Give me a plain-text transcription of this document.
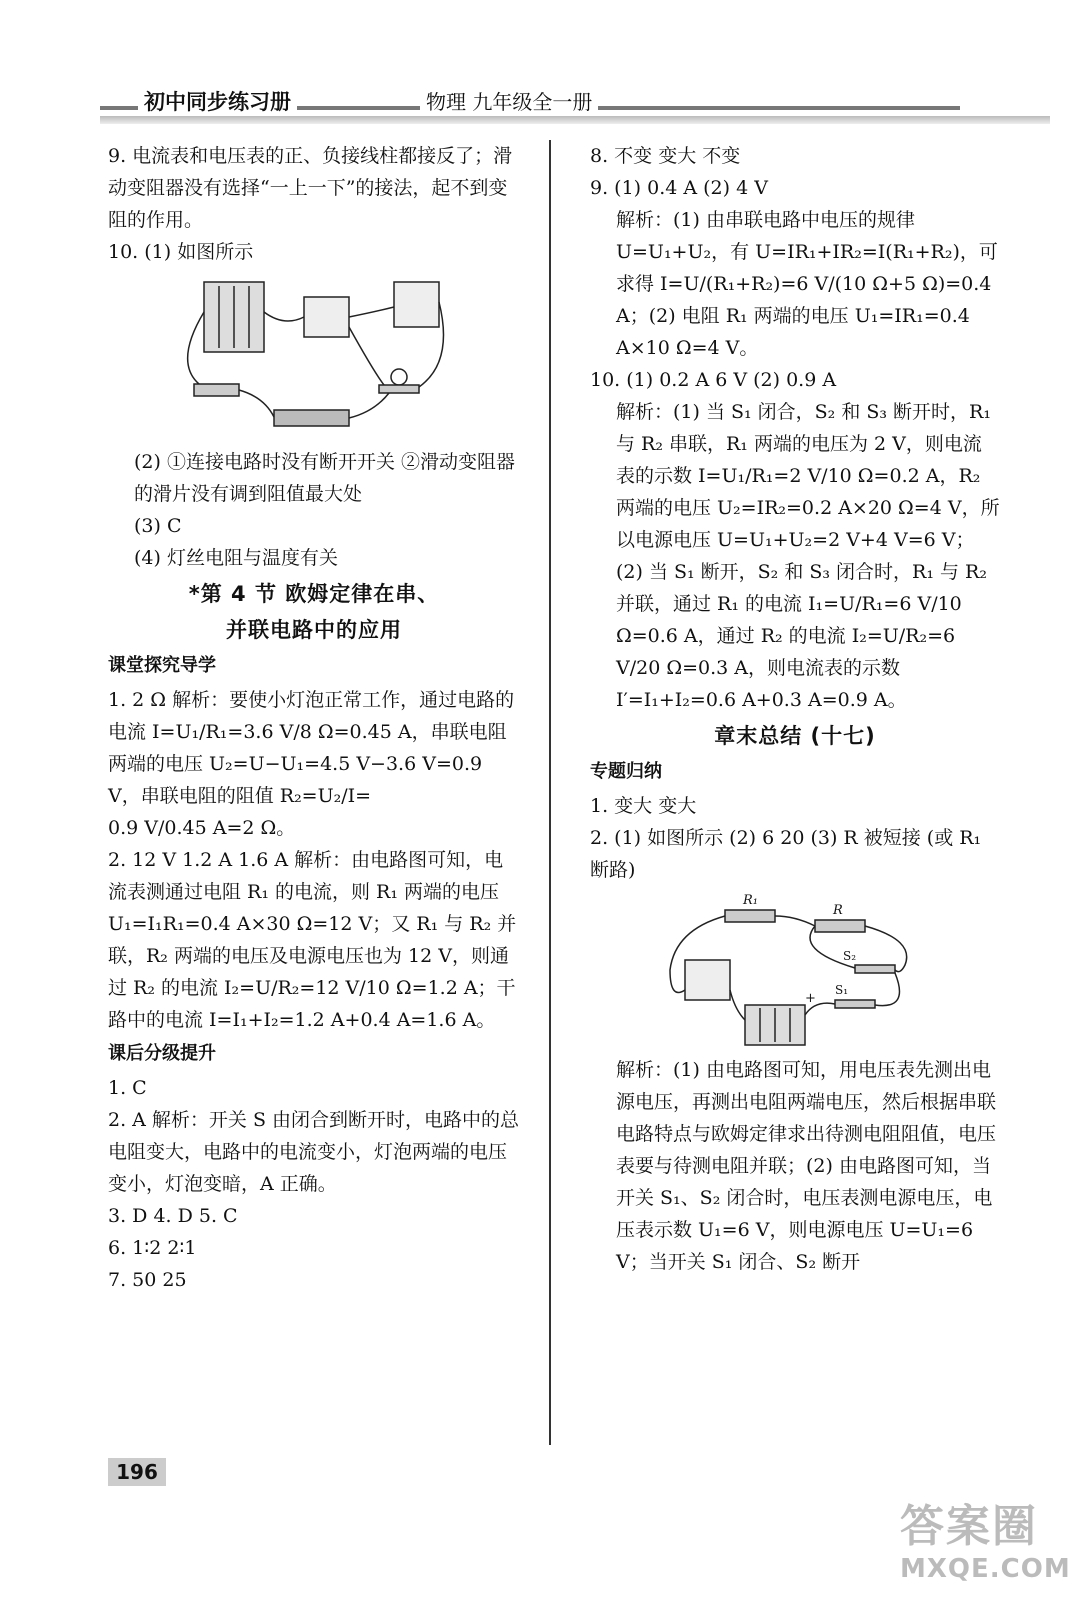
初中同步练习册	物理 九年级全一册

9. 电流表和电压表的正、负接线柱都接反了；滑动变阻器没有选择“一上一下”的接法，起不到变阻的作用。

10. (1) 如图所示

(2) ①连接电路时没有断开开关 ②滑动变阻器的滑片没有调到阻值最大处

(3) C

(4) 灯丝电阻与温度有关

*第 4 节 欧姆定律在串、

并联电路中的应用

课堂探究导学

1. 2 Ω 解析：要使小灯泡正常工作，通过电路的电流 I=U₁/R₁=3.6 V/8 Ω=0.45 A，串联电阻两端的电压 U₂=U−U₁=4.5 V−3.6 V=0.9 V，串联电阻的阻值 R₂=U₂/I=

0.9 V/0.45 A=2 Ω。

2. 12 V 1.2 A 1.6 A 解析：由电路图可知，电流表测通过电阻 R₁ 的电流，则 R₁ 两端的电压 U₁=I₁R₁=0.4 A×30 Ω=12 V；又 R₁ 与 R₂ 并联，R₂ 两端的电压及电源电压也为 12 V，则通过 R₂ 的电流 I₂=U/R₂=12 V/10 Ω=1.2 A；干路中的电流 I=I₁+I₂=1.2 A+0.4 A=1.6 A。

课后分级提升

1. C

2. A 解析：开关 S 由闭合到断开时，电路中的总电阻变大，电路中的电流变小，灯泡两端的电压变小，灯泡变暗，A 正确。

3. D 4. D 5. C

6. 1∶2 2∶1

7. 50 25

8. 不变 变大 不变

9. (1) 0.4 A (2) 4 V

解析：(1) 由串联电路中电压的规律 U=U₁+U₂，有 U=IR₁+IR₂=I(R₁+R₂)，可求得 I=U/(R₁+R₂)=6 V/(10 Ω+5 Ω)=0.4 A；(2) 电阻 R₁ 两端的电压 U₁=IR₁=0.4 A×10 Ω=4 V。

10. (1) 0.2 A 6 V (2) 0.9 A

解析：(1) 当 S₁ 闭合，S₂ 和 S₃ 断开时，R₁ 与 R₂ 串联，R₁ 两端的电压为 2 V，则电流表的示数 I=U₁/R₁=2 V/10 Ω=0.2 A，R₂ 两端的电压 U₂=IR₂=0.2 A×20 Ω=4 V，所以电源电压 U=U₁+U₂=2 V+4 V=6 V；(2) 当 S₁ 断开，S₂ 和 S₃ 闭合时，R₁ 与 R₂ 并联，通过 R₁ 的电流 I₁=U/R₁=6 V/10 Ω=0.6 A，通过 R₂ 的电流 I₂=U/R₂=6 V/20 Ω=0.3 A，则电流表的示数 I′=I₁+I₂=0.6 A+0.3 A=0.9 A。

章末总结 (十七)

专题归纳

1. 变大 变大

2. (1) 如图所示 (2) 6 20 (3) R 被短接 (或 R₁ 断路)

R₁
R
S₂
S₁
+

解析：(1) 由电路图可知，用电压表先测出电源电压，再测出电阻两端电压，然后根据串联电路特点与欧姆定律求出待测电阻阻值，电压表要与待测电阻并联；(2) 由电路图可知，当开关 S₁、S₂ 闭合时，电压表测电源电压，电压表示数 U₁=6 V，则电源电压 U=U₁=6 V；当开关 S₁ 闭合、S₂ 断开

196
答案圈
MXQE.COM
